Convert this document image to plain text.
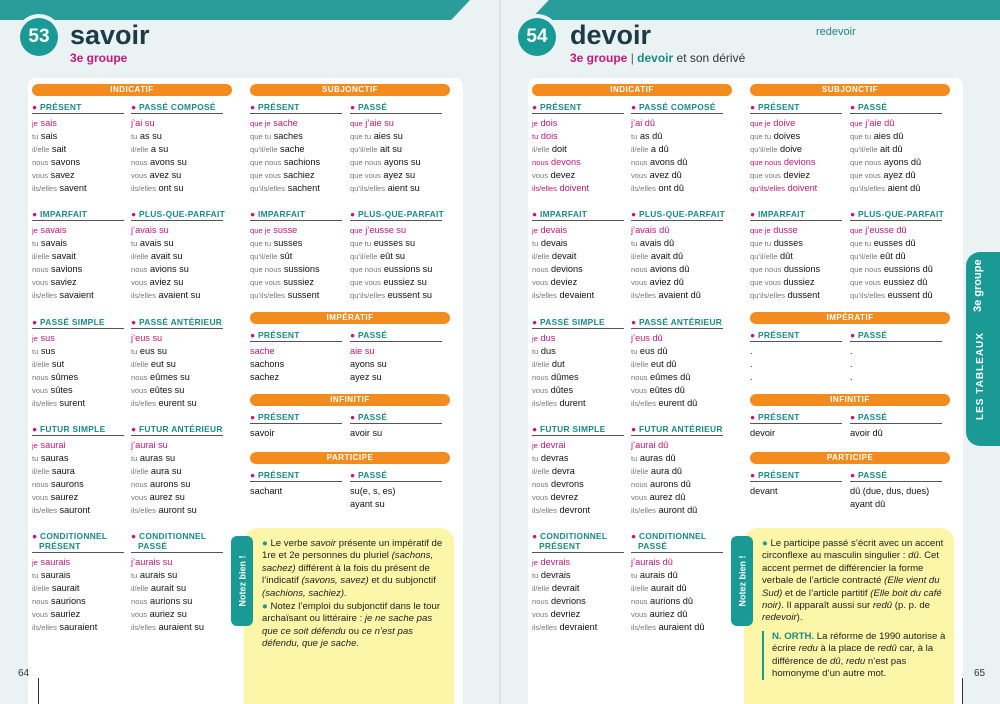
53 savoir
3e groupe
INDICATIF	SUBJONCTIF
● PRÉSENT
je sais
tu sais
il/elle sait
nous savons
vous savez
ils/elles savent
● PASSÉ COMPOSÉ
j’ai su
tu as su
il/elle a su
nous avons su
vous avez su
ils/elles ont su
● IMPARFAIT
je savais
tu savais
il/elle savait
nous savions
vous saviez
ils/elles savaient
● PLUS-QUE-PARFAIT
j’avais su
tu avais su
il/elle avait su
nous avions su
vous aviez su
ils/elles avaient su
● PASSÉ SIMPLE
je sus
tu sus
il/elle sut
nous sûmes
vous sûtes
ils/elles surent
● PASSÉ ANTÉRIEUR
j’eus su
tu eus su
il/elle eut su
nous eûmes su
vous eûtes su
ils/elles eurent su
● FUTUR SIMPLE
je saurai
tu sauras
il/elle saura
nous saurons
vous saurez
ils/elles sauront
● FUTUR ANTÉRIEUR
j’aurai su
tu auras su
il/elle aura su
nous aurons su
vous aurez su
ils/elles auront su
● CONDITIONNEL
PRÉSENT
je saurais
tu saurais
il/elle saurait
nous saurions
vous sauriez
ils/elles sauraient
● CONDITIONNEL
PASSÉ
j’aurais su
tu aurais su
il/elle aurait su
nous aurions su
vous auriez su
ils/elles auraient su
● PRÉSENT
que je sache
que tu saches
qu’il/elle sache
que nous sachions
que vous sachiez
qu’ils/elles sachent
● PASSÉ
que j’aie su
que tu aies su
qu’il/elle ait su
que nous ayons su
que vous ayez su
qu’ils/elles aient su
● IMPARFAIT
que je susse
que tu susses
qu’il/elle sût
que nous sussions
que vous sussiez
qu’ils/elles sussent
● PLUS-QUE-PARFAIT
que j’eusse su
que tu eusses su
qu’il/elle eût su
que nous eussions su
que vous eussiez su
qu’ils/elles eussent su
IMPÉRATIF
● PRÉSENT
sache
sachons
sachez
● PASSÉ
aie su
ayons su
ayez su
INFINITIF
● PRÉSENT
savoir
● PASSÉ
avoir su
PARTICIPE
● PRÉSENT
sachant
● PASSÉ
su(e, s, es)
ayant su
Notez bien !
● Le verbe savoir présente un impératif de 1re et 2e personnes du pluriel (sachons, sachez) différent à la fois du présent de l’indicatif (savons, savez) et du subjonctif (sachions, sachiez).
● Notez l’emploi du subjonctif dans le tour archaïsant ou littéraire : je ne sache pas que ce soit défendu ou ce n’est pas défendu, que je sache.
64
54 devoir
3e groupe | devoir et son dérivé
redevoir
INDICATIF	SUBJONCTIF
● PRÉSENT
je dois
tu dois
il/elle doit
nous devons
vous devez
ils/elles doivent
● PASSÉ COMPOSÉ
j’ai dû
tu as dû
il/elle a dû
nous avons dû
vous avez dû
ils/elles ont dû
● IMPARFAIT
je devais
tu devais
il/elle devait
nous devions
vous deviez
ils/elles devaient
● PLUS-QUE-PARFAIT
j’avais dû
tu avais dû
il/elle avait dû
nous avions dû
vous aviez dû
ils/elles avaient dû
● PASSÉ SIMPLE
je dus
tu dus
il/elle dut
nous dûmes
vous dûtes
ils/elles durent
● PASSÉ ANTÉRIEUR
j’eus dû
tu eus dû
il/elle eut dû
nous eûmes dû
vous eûtes dû
ils/elles eurent dû
● FUTUR SIMPLE
je devrai
tu devras
il/elle devra
nous devrons
vous devrez
ils/elles devront
● FUTUR ANTÉRIEUR
j’aurai dû
tu auras dû
il/elle aura dû
nous aurons dû
vous aurez dû
ils/elles auront dû
● CONDITIONNEL
PRÉSENT
je devrais
tu devrais
il/elle devrait
nous devrions
vous devriez
ils/elles devraient
● CONDITIONNEL
PASSÉ
j’aurais dû
tu aurais dû
il/elle aurait dû
nous aurions dû
vous auriez dû
ils/elles auraient dû
● PRÉSENT
que je doive
que tu doives
qu’il/elle doive
que nous devions
que vous deviez
qu’ils/elles doivent
● PASSÉ
que j’aie dû
que tu aies dû
qu’il/elle ait dû
que nous ayons dû
que vous ayez dû
qu’ils/elles aient dû
● IMPARFAIT
que je dusse
que tu dusses
qu’il/elle dût
que nous dussions
que vous dussiez
qu’ils/elles dussent
● PLUS-QUE-PARFAIT
que j’eusse dû
que tu eusses dû
qu’il/elle eût dû
que nous eussions dû
que vous eussiez dû
qu’ils/elles eussent dû
IMPÉRATIF
● PRÉSENT
.
.
.
● PASSÉ
.
.
.
INFINITIF
● PRÉSENT
devoir
● PASSÉ
avoir dû
PARTICIPE
● PRÉSENT
devant
● PASSÉ
dû (due, dus, dues)
ayant dû
Notez bien !
● Le participe passé s’écrit avec un accent circonflexe au masculin singulier : dû. Cet accent permet de différencier la forme verbale de l’article contracté (Elle vient du Sud) et de l’article partitif (Elle boit du café noir). Il apparaît aussi sur redû (p. p. de redevoir).
N. ORTH. La réforme de 1990 autorise à écrire redu à la place de redû car, à la différence de dû, redu n’est pas homonyme d’un autre mot.
3e groupe
LES TABLEAUX
65
